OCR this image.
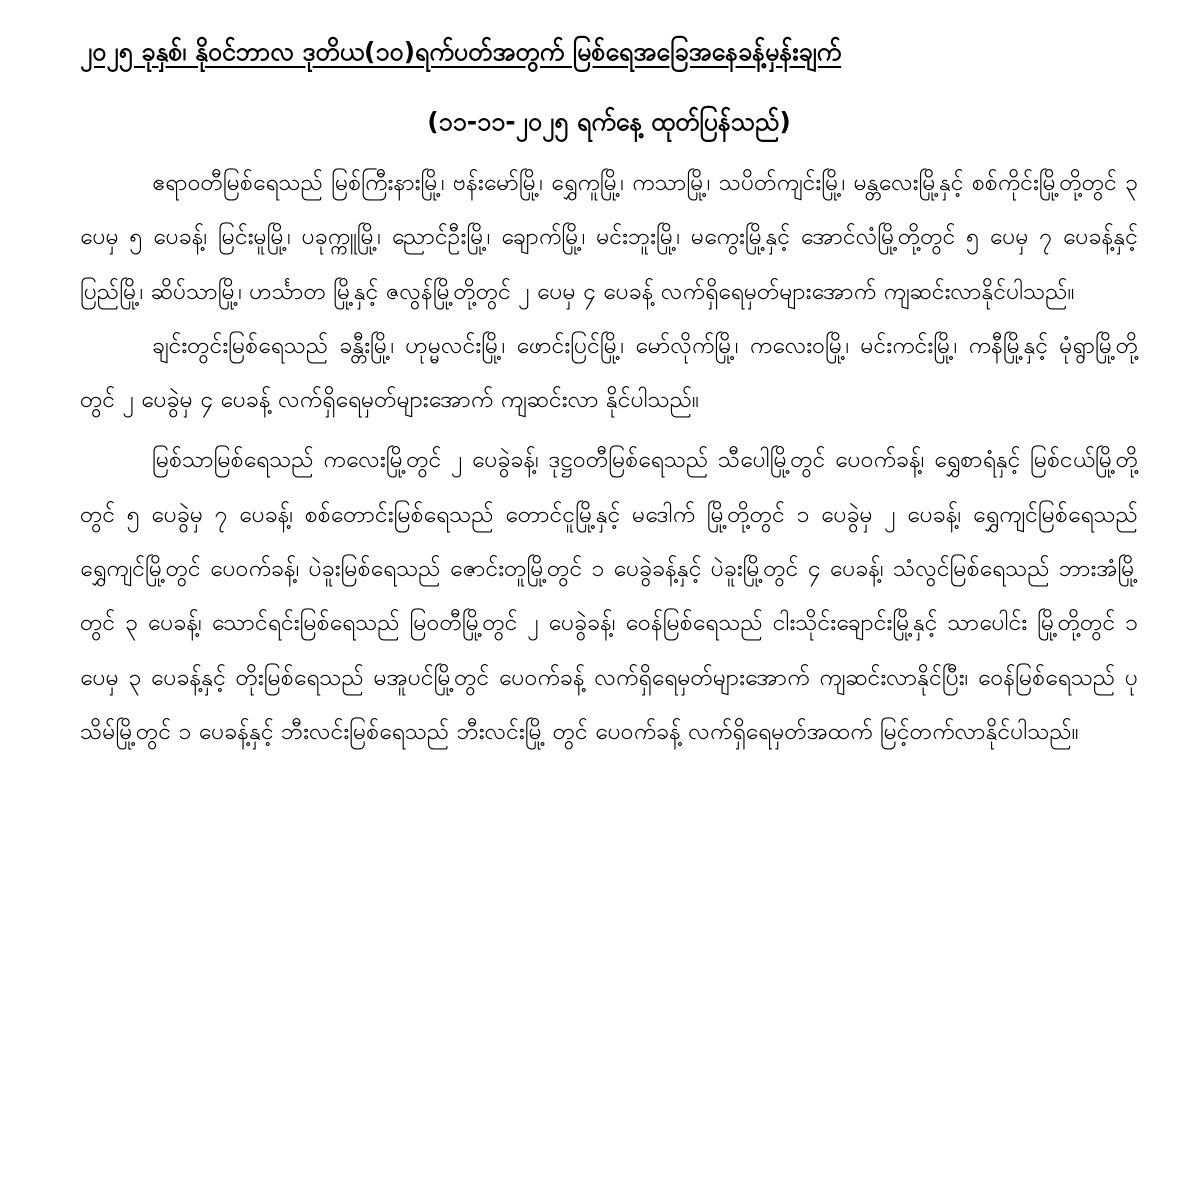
၂၀၂၅ ခုနှစ်၊ နိုဝင်ဘာလ ဒုတိယ(၁၀)ရက်ပတ်အတွက် မြစ်ရေအခြေအနေခန့်မှန်းချက်
(၁၁-၁၁-၂၀၂၅ ရက်နေ့ ထုတ်ပြန်သည်)

ဧရာဝတီမြစ်ရေသည် မြစ်ကြီးနားမြို့၊ ဗန်းမော်မြို့၊ ရွှေကူမြို့၊ ကသာမြို့၊ သပိတ်ကျင်းမြို့၊ မန္တလေးမြို့နှင့် စစ်ကိုင်းမြို့တို့တွင် ၃ ပေမှ ၅ ပေခန့်၊ မြင်းမူမြို့၊ ပခုက္ကူမြို့၊ ညောင်ဦးမြို့၊ ချောက်မြို့၊ မင်းဘူးမြို့၊ မကွေးမြို့နှင့် အောင်လံမြို့တို့တွင် ၅ ပေမှ ၇ ပေခန့်နှင့် ပြည်မြို့၊ ဆိပ်သာမြို့၊ ဟင်္သာတ မြို့နှင့် ဇလွန်မြို့တို့တွင် ၂ ပေမှ ၄ ပေခန့် လက်ရှိရေမှတ်များအောက် ကျဆင်းလာနိုင်ပါသည်။

ချင်းတွင်းမြစ်ရေသည် ခန္တီးမြို့၊ ဟုမ္မလင်းမြို့၊ ဖောင်းပြင်မြို့၊ မော်လိုက်မြို့၊ ကလေးဝမြို့၊ မင်းကင်းမြို့၊ ကနီမြို့နှင့် မုံရွာမြို့တို့တွင် ၂ ပေခွဲမှ ၄ ပေခန့် လက်ရှိရေမှတ်များအောက် ကျဆင်းလာ နိုင်ပါသည်။

မြစ်သာမြစ်ရေသည် ကလေးမြို့တွင် ၂ ပေခွဲခန့်၊ ဒုဋ္ဌဝတီမြစ်ရေသည် သီပေါမြို့တွင် ပေဝက်ခန့်၊ ရွှေစာရံနှင့် မြစ်ငယ်မြို့တို့တွင် ၅ ပေခွဲမှ ၇ ပေခန့်၊ စစ်တောင်းမြစ်ရေသည် တောင်ငူမြို့နှင့် မဒေါက် မြို့တို့တွင် ၁ ပေခွဲမှ ၂ ပေခန့်၊ ရွှေကျင်မြစ်ရေသည် ရွှေကျင်မြို့တွင် ပေဝက်ခန့်၊ ပဲခူးမြစ်ရေသည် ဇောင်းတူမြို့တွင် ၁ ပေခွဲခန့်နှင့် ပဲခူးမြို့တွင် ၄ ပေခန့်၊ သံလွင်မြစ်ရေသည် ဘားအံမြို့တွင် ၃ ပေခန့်၊ သောင်ရင်းမြစ်ရေသည် မြဝတီမြို့တွင် ၂ ပေခွဲခန့်၊ ဝေန်မြစ်ရေသည် ငါးသိုင်းချောင်းမြို့နှင့် သာပေါင်း မြို့တို့တွင် ၁ ပေမှ ၃ ပေခန့်နှင့် တိုးမြစ်ရေသည် မအူပင်မြို့တွင် ပေဝက်ခန့် လက်ရှိရေမှတ်များအောက် ကျဆင်းလာနိုင်ပြီး၊ ဝေန်မြစ်ရေသည် ပုသိမ်မြို့တွင် ၁ ပေခန့်နှင့် ဘီးလင်းမြစ်ရေသည် ဘီးလင်းမြို့ တွင် ပေဝက်ခန့် လက်ရှိရေမှတ်အထက် မြင့်တက်လာနိုင်ပါသည်။
